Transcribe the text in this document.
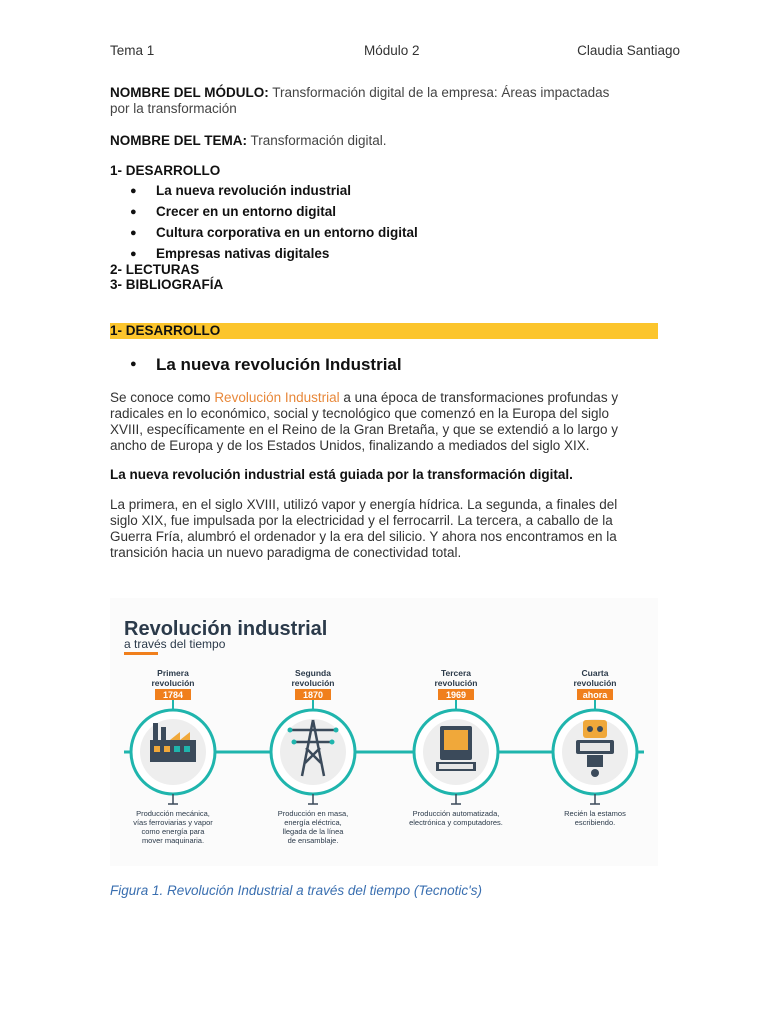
Tema 1	Módulo 2	Claudia Santiago
NOMBRE DEL MÓDULO: Transformación digital de la empresa: Áreas impactadas
por la transformación
NOMBRE DEL TEMA: Transformación digital.
1- DESARROLLO
● La nueva revolución industrial
● Crecer en un entorno digital
● Cultura corporativa en un entorno digital
● Empresas nativas digitales
2- LECTURAS
3- BIBLIOGRAFÍA
1- DESARROLLO
● La nueva revolución Industrial
Se conoce como Revolución Industrial a una época de transformaciones profundas y
radicales en lo económico, social y tecnológico que comenzó en la Europa del siglo
XVIII, específicamente en el Reino de la Gran Bretaña, y que se extendió a lo largo y
ancho de Europa y de los Estados Unidos, finalizando a mediados del siglo XIX.
La nueva revolución industrial está guiada por la transformación digital.
La primera, en el siglo XVIII, utilizó vapor y energía hídrica. La segunda, a finales del
siglo XIX, fue impulsada por la electricidad y el ferrocarril. La tercera, a caballo de la
Guerra Fría, alumbró el ordenador y la era del silicio. Y ahora nos encontramos en la
transición hacia un nuevo paradigma de conectividad total.
Revolución industrial
a través del tiempo
Primera
revolución
1784
Producción mecánica,
vías ferroviarias y vapor
como energía para
mover maquinaria.
Segunda
revolución
1870
Producción en masa,
energía eléctrica,
llegada de la línea
de ensamblaje.
Tercera
revolución
1969
Producción automatizada,
electrónica y computadores.
Cuarta
revolución
ahora
Recién la estamos
escribiendo.
Figura 1. Revolución Industrial a través del tiempo (Tecnotic's)
